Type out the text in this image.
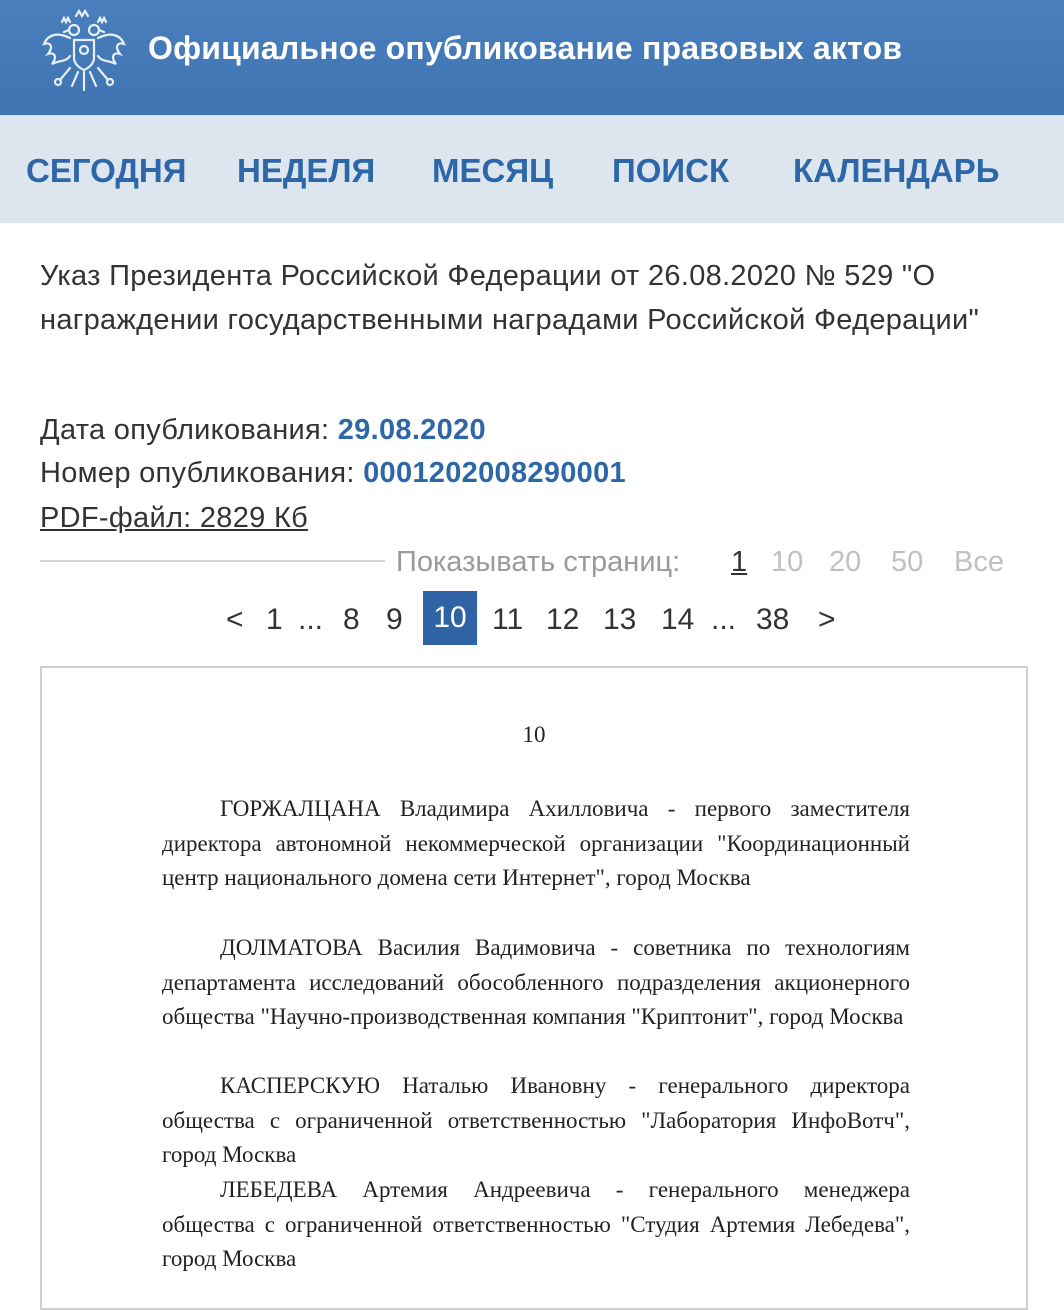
Официальное опубликование правовых актов
СЕГОДНЯ НЕДЕЛЯ МЕСЯЦ ПОИСК КАЛЕНДАРЬ
Указ Президента Российской Федерации от 26.08.2020 № 529 "О награждении государственными наградами Российской Федерации"
Дата опубликования: 29.08.2020
Номер опубликования: 0001202008290001
PDF-файл: 2829 Кб
Показывать страниц: 1 10 20 50 Все
< 1 ... 8 9	10 11 12 13 14 ... 38 >
10
ГОРЖАЛЦАНА Владимира Ахилловича - первого заместителя директора автономной некоммерческой организации "Координационный центр национального домена сети Интернет", город Москва
ДОЛМАТОВА Василия Вадимовича - советника по технологиям департамента исследований обособленного подразделения акционерного общества "Научно-производственная компания "Криптонит", город Москва
КАСПЕРСКУЮ Наталью Ивановну - генерального директора общества с ограниченной ответственностью "Лаборатория ИнфоВотч", город Москва
ЛЕБЕДЕВА Артемия Андреевича - генерального менеджера общества с ограниченной ответственностью "Студия Артемия Лебедева", город Москва
